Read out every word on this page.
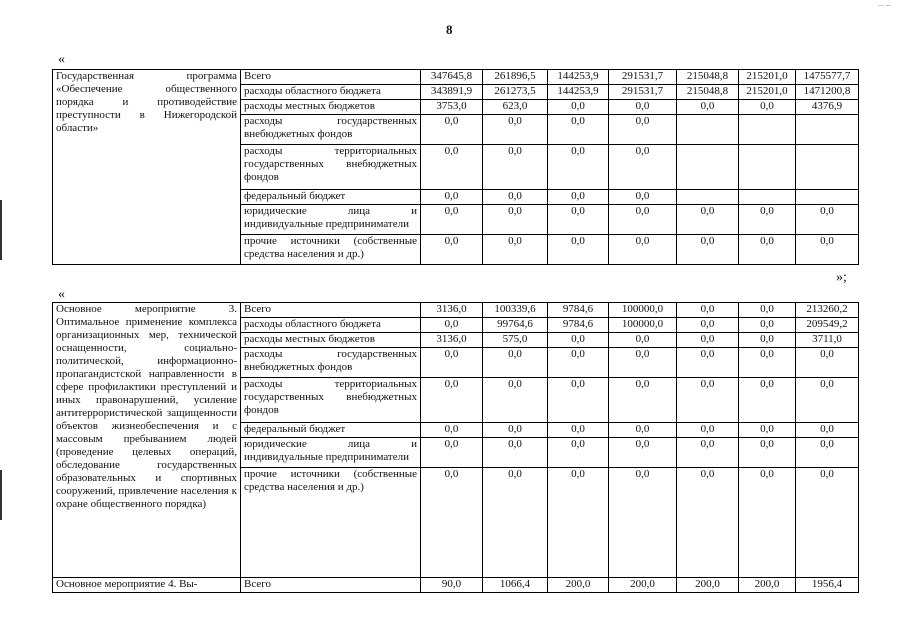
8
_ _
«
Государственная программа «Обеспечение общественного порядка и противодействие преступности в Нижегородской области»	Всего	347645,8	261896,5	144253,9	291531,7	215048,8	215201,0	1475577,7
	расходы областного бюджета	343891,9	261273,5	144253,9	291531,7	215048,8	215201,0	1471200,8
	расходы местных бюджетов	3753,0	623,0	0,0	0,0	0,0	0,0	4376,9
	расходы государственных внебюджетных фондов	0,0	0,0	0,0	0,0			
	расходы территориальных государственных внебюджетных фондов	0,0	0,0	0,0	0,0			
	федеральный бюджет	0,0	0,0	0,0	0,0			
	юридические лица и индивидуальные предприниматели	0,0	0,0	0,0	0,0	0,0	0,0	0,0
	прочие источники (собственные средства населения и др.)	0,0	0,0	0,0	0,0	0,0	0,0	0,0
»;
«
Основное мероприятие 3. Оптимальное применение комплекса организационных мер, технической оснащенности, социально-политической, информационно-пропагандистской направленности в сфере профилактики преступлений и иных правонарушений, усиление антитеррористической защищенности объектов жизнеобеспечения и с массовым пребыванием людей (проведение целевых операций, обследование государственных образовательных и спортивных сооружений, привлечение населения к охране общественного порядка)	Всего	3136,0	100339,6	9784,6	100000,0	0,0	0,0	213260,2
	расходы областного бюджета	0,0	99764,6	9784,6	100000,0	0,0	0,0	209549,2
	расходы местных бюджетов	3136,0	575,0	0,0	0,0	0,0	0,0	3711,0
	расходы государственных внебюджетных фондов	0,0	0,0	0,0	0,0	0,0	0,0	0,0
	расходы территориальных государственных внебюджетных фондов	0,0	0,0	0,0	0,0	0,0	0,0	0,0
	федеральный бюджет	0,0	0,0	0,0	0,0	0,0	0,0	0,0
	юридические лица и индивидуальные предприниматели	0,0	0,0	0,0	0,0	0,0	0,0	0,0
	прочие источники (собственные средства населения и др.)	0,0	0,0	0,0	0,0	0,0	0,0	0,0
Основное мероприятие 4. Вы-	Всего	90,0	1066,4	200,0	200,0	200,0	200,0	1956,4
